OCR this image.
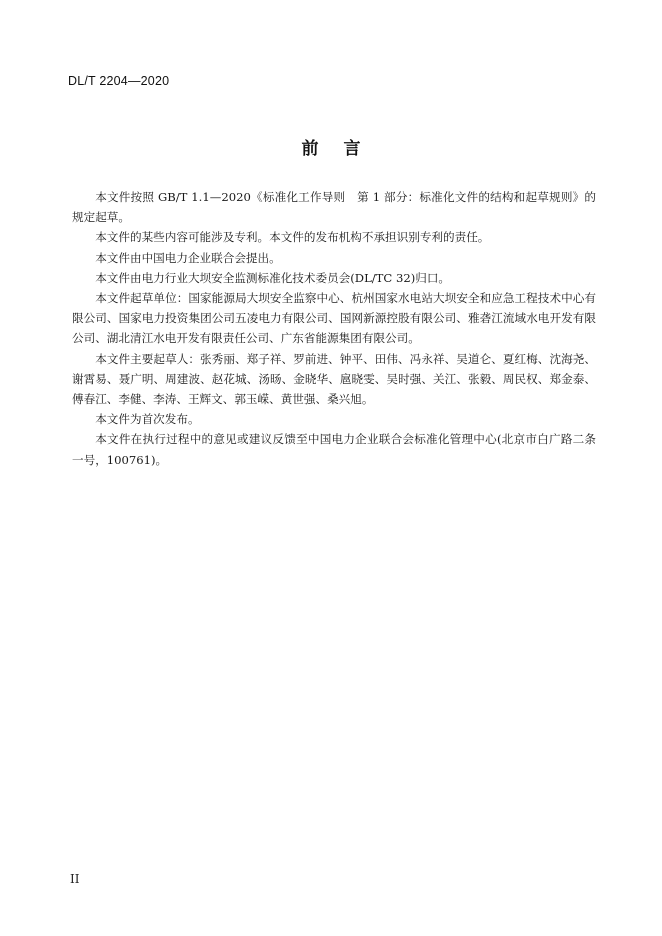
DL/T 2204—2020
前言

本文件按照 GB/T 1.1—2020《标准化工作导则　第 1 部分：标准化文件的结构和起草规则》的规定起草。

本文件的某些内容可能涉及专利。本文件的发布机构不承担识别专利的责任。

本文件由中国电力企业联合会提出。

本文件由电力行业大坝安全监测标准化技术委员会(DL/TC 32)归口。

本文件起草单位：国家能源局大坝安全监察中心、杭州国家水电站大坝安全和应急工程技术中心有限公司、国家电力投资集团公司五凌电力有限公司、国网新源控股有限公司、雅砻江流域水电开发有限公司、湖北清江水电开发有限责任公司、广东省能源集团有限公司。

本文件主要起草人：张秀丽、郑子祥、罗前进、钟平、田伟、冯永祥、吴道仑、夏红梅、沈海尧、谢霄易、聂广明、周建波、赵花城、汤旸、金晓华、扈晓雯、吴时强、关江、张毅、周民权、郑金泰、傅春江、李健、李涛、王辉文、郭玉嵘、黄世强、桑兴旭。

本文件为首次发布。

本文件在执行过程中的意见或建议反馈至中国电力企业联合会标准化管理中心(北京市白广路二条一号，100761)。

II
